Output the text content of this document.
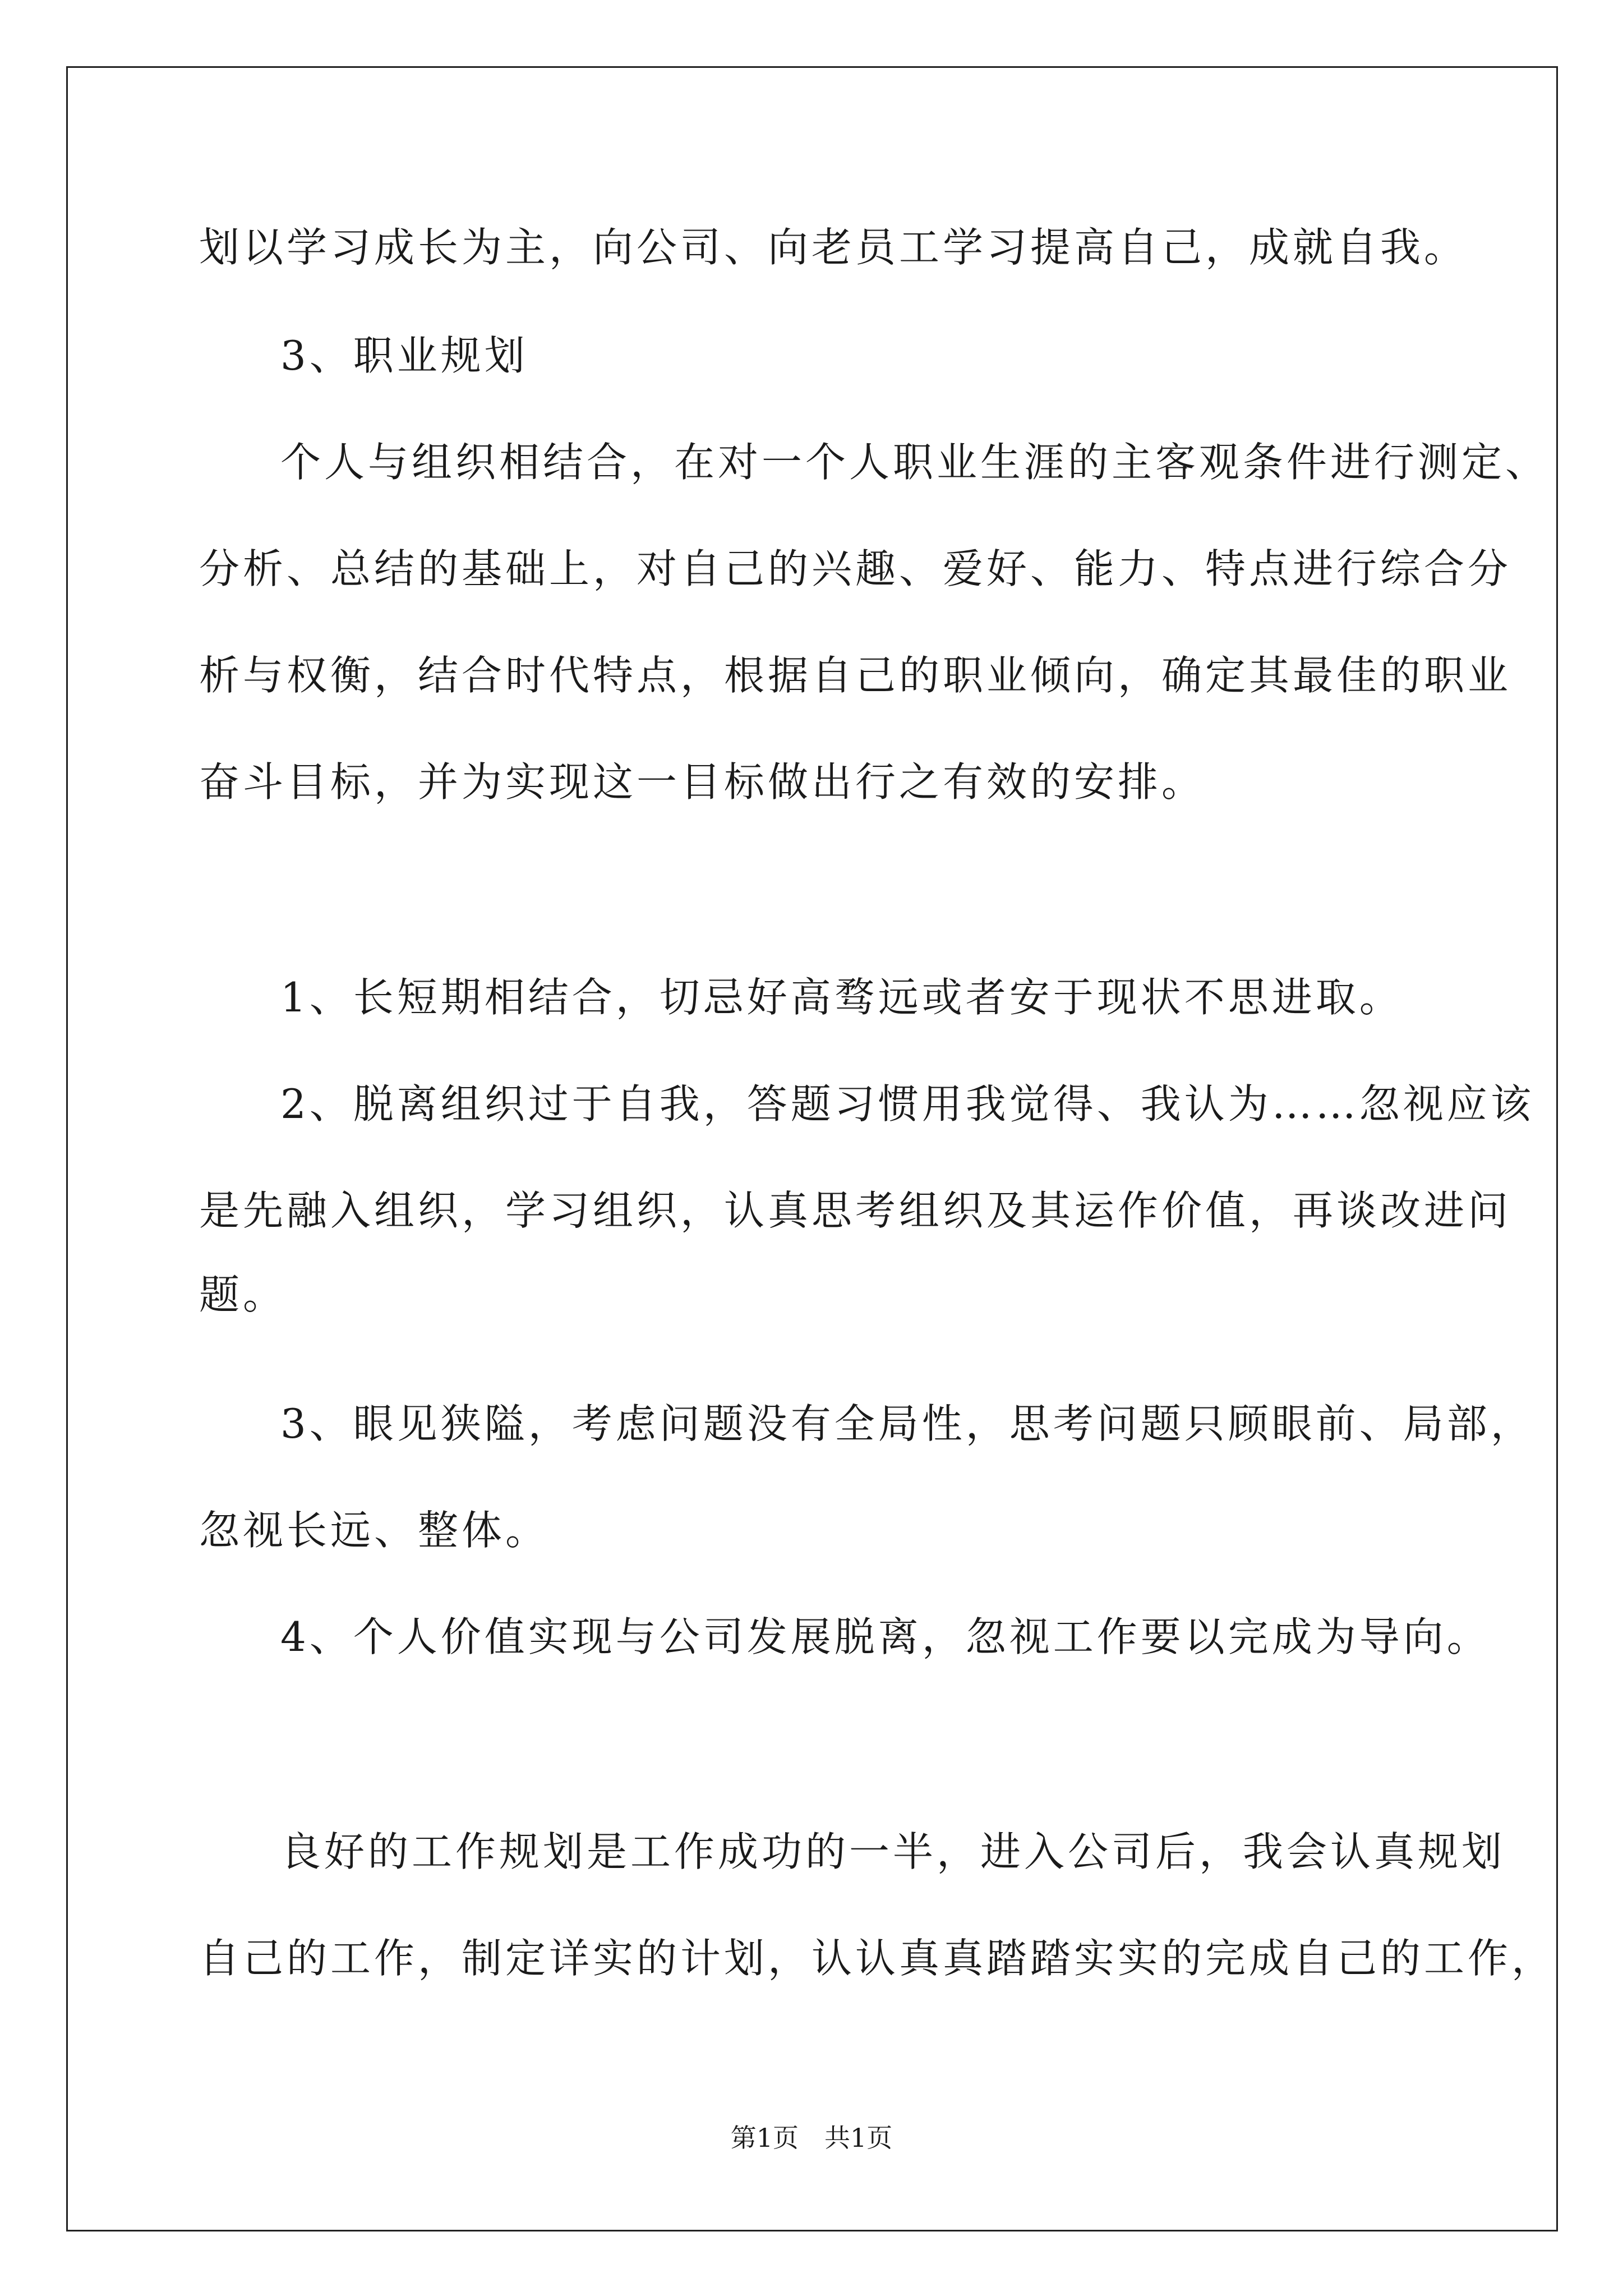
划以学习成长为主，向公司、向老员工学习提高自己，成就自我。
3、职业规划
个人与组织相结合，在对一个人职业生涯的主客观条件进行测定、
分析、总结的基础上，对自己的兴趣、爱好、能力、特点进行综合分
析与权衡，结合时代特点，根据自己的职业倾向，确定其最佳的职业
奋斗目标，并为实现这一目标做出行之有效的安排。
1、长短期相结合，切忌好高骛远或者安于现状不思进取。
2、脱离组织过于自我，答题习惯用我觉得、我认为……忽视应该
是先融入组织，学习组织，认真思考组织及其运作价值，再谈改进问
题。
3、眼见狭隘，考虑问题没有全局性，思考问题只顾眼前、局部，
忽视长远、整体。
4、个人价值实现与公司发展脱离，忽视工作要以完成为导向。
良好的工作规划是工作成功的一半，进入公司后，我会认真规划
自己的工作，制定详实的计划，认认真真踏踏实实的完成自己的工作，
第1页　共1页
